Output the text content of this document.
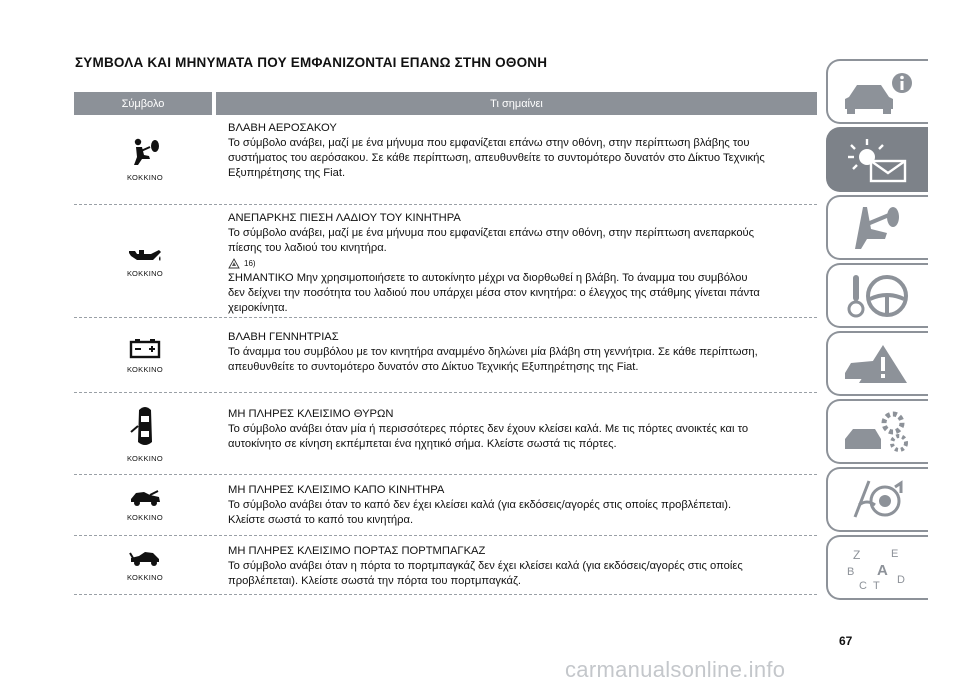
ΣΥΜΒΟΛΑ ΚΑΙ ΜΗΝΥΜΑΤΑ ΠΟΥ ΕΜΦΑΝΙΖΟΝΤΑΙ ΕΠΑΝΩ ΣΤΗΝ ΟΘΟΝΗ
Σύμβολο	Τι σημαίνει
ΚΟΚΚΙΝΟ
ΒΛΑΒΗ ΑΕΡΟΣΑΚΟΥ
Το σύμβολο ανάβει, μαζί με ένα μήνυμα που εμφανίζεται επάνω στην οθόνη, στην περίπτωση βλάβης του
συστήματος του αερόσακου. Σε κάθε περίπτωση, απευθυνθείτε το συντομότερο δυνατόν στο Δίκτυο Τεχνικής
Εξυπηρέτησης της Fiat.
ΚΟΚΚΙΝΟ
ΑΝΕΠΑΡΚΗΣ ΠΙΕΣΗ ΛΑΔΙΟΥ ΤΟΥ ΚΙΝΗΤΗΡΑ
Το σύμβολο ανάβει, μαζί με ένα μήνυμα που εμφανίζεται επάνω στην οθόνη, στην περίπτωση ανεπαρκούς
πίεσης του λαδιού του κινητήρα.
16)
ΣΗΜΑΝΤΙΚΟ Μην χρησιμοποιήσετε το αυτοκίνητο μέχρι να διορθωθεί η βλάβη. Το άναμμα του συμβόλου
δεν δείχνει την ποσότητα του λαδιού που υπάρχει μέσα στον κινητήρα: ο έλεγχος της στάθμης γίνεται πάντα
χειροκίνητα.
ΚΟΚΚΙΝΟ
ΒΛΑΒΗ ΓΕΝΝΗΤΡΙΑΣ
Το άναμμα του συμβόλου με τον κινητήρα αναμμένο δηλώνει μία βλάβη στη γεννήτρια. Σε κάθε περίπτωση,
απευθυνθείτε το συντομότερο δυνατόν στο Δίκτυο Τεχνικής Εξυπηρέτησης της Fiat.
ΚΟΚΚΙΝΟ
ΜΗ ΠΛΗΡΕΣ ΚΛΕΙΣΙΜΟ ΘΥΡΩΝ
Το σύμβολο ανάβει όταν μία ή περισσότερες πόρτες δεν έχουν κλείσει καλά. Με τις πόρτες ανοικτές και το
αυτοκίνητο σε κίνηση εκπέμπεται ένα ηχητικό σήμα. Κλείστε σωστά τις πόρτες.
ΚΟΚΚΙΝΟ
ΜΗ ΠΛΗΡΕΣ ΚΛΕΙΣΙΜΟ ΚΑΠΟ ΚΙΝΗΤΗΡΑ
Το σύμβολο ανάβει όταν το καπό δεν έχει κλείσει καλά (για εκδόσεις/αγορές στις οποίες προβλέπεται).
Κλείστε σωστά το καπό του κινητήρα.
ΚΟΚΚΙΝΟ
ΜΗ ΠΛΗΡΕΣ ΚΛΕΙΣΙΜΟ ΠΟΡΤΑΣ ΠΟΡΤΜΠΑΓΚΑΖ
Το σύμβολο ανάβει όταν η πόρτα το πορτμπαγκάζ δεν έχει κλείσει καλά (για εκδόσεις/αγορές στις οποίες
προβλέπεται). Κλείστε σωστά την πόρτα του πορτμπαγκάζ.
Z	E
B A
C T D
67
carmanualsonline.info
